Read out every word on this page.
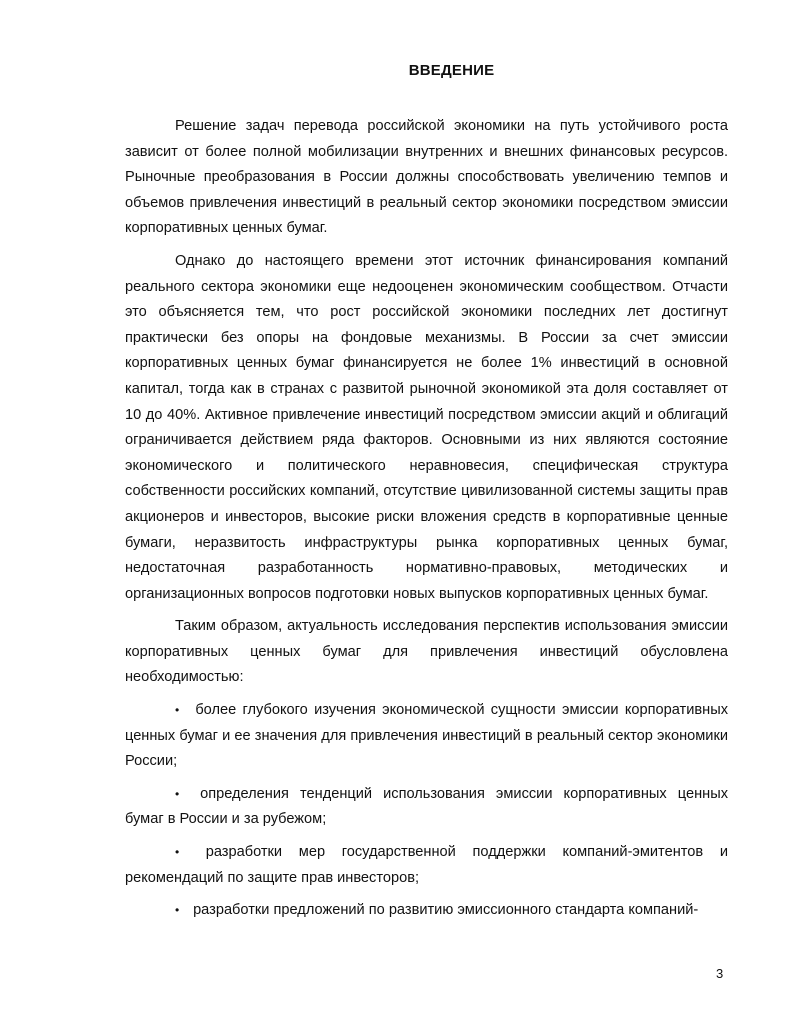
ВВЕДЕНИЕ

Решение задач перевода российской экономики на путь устойчивого роста зависит от более полной мобилизации внутренних и внешних финансовых ресурсов. Рыночные преобразования в России должны способствовать увеличению темпов и объемов привлечения инвестиций в реальный сектор экономики посредством эмиссии корпоративных ценных бумаг.

Однако до настоящего времени этот источник финансирования компаний реального сектора экономики еще недооценен экономическим сообществом. Отчасти это объясняется тем, что рост российской экономики последних лет достигнут практически без опоры на фондовые механизмы. В России за счет эмиссии корпоративных ценных бумаг финансируется не более 1% инвестиций в основной капитал, тогда как в странах с развитой рыночной экономикой эта доля составляет от 10 до 40%. Активное привлечение инвестиций посредством эмиссии акций и облигаций ограничивается действием ряда факторов. Основными из них являются состояние экономического и политического неравновесия, специфическая структура собственности российских компаний, отсутствие цивилизованной системы защиты прав акционеров и инвесторов, высокие риски вложения средств в корпоративные ценные бумаги, неразвитость инфраструктуры рынка корпоративных ценных бумаг, недостаточная разработанность нормативно-правовых, методических и организационных вопросов подготовки новых выпусков корпоративных ценных бумаг.

Таким образом, актуальность исследования перспектив использования эмиссии корпоративных ценных бумаг для привлечения инвестиций обусловлена необходимостью:

• более глубокого изучения экономической сущности эмиссии корпоративных ценных бумаг и ее значения для привлечения инвестиций в реальный сектор экономики России;

• определения тенденций использования эмиссии корпоративных ценных бумаг в России и за рубежом;

• разработки мер государственной поддержки компаний-эмитентов и рекомендаций по защите прав инвесторов;

• разработки предложений по развитию эмиссионного стандарта компаний-

3
